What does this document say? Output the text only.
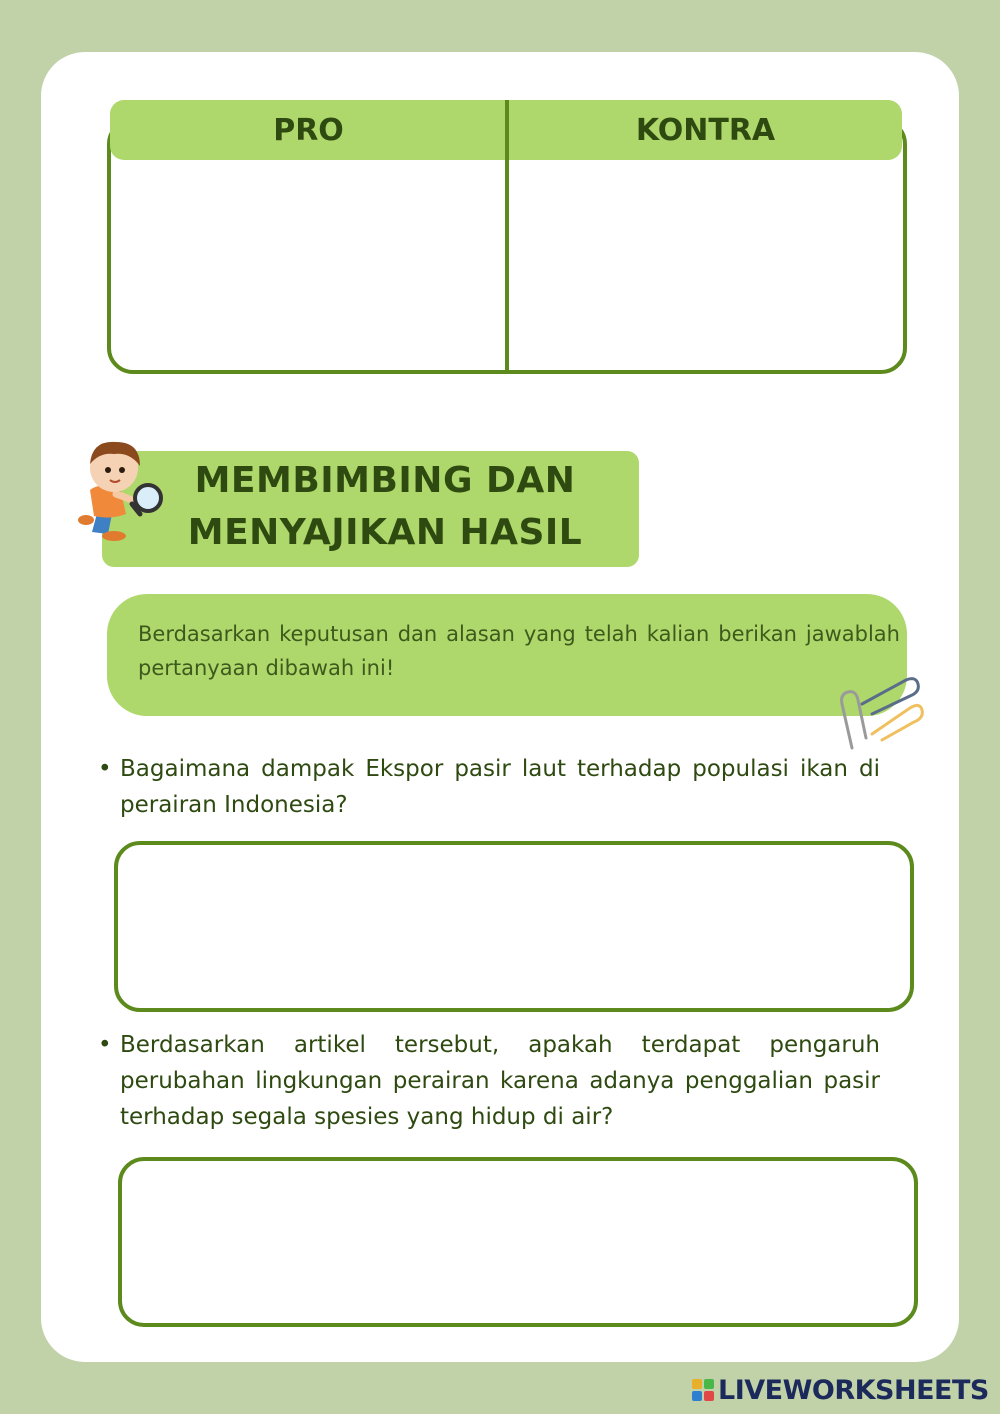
PRO	KONTRA
MEMBIMBING DAN
MENYAJIKAN HASIL
Berdasarkan keputusan dan alasan yang telah kalian berikan jawablah pertanyaan dibawah ini!
• Bagaimana dampak Ekspor pasir laut terhadap populasi ikan di perairan Indonesia?
• Berdasarkan artikel tersebut, apakah terdapat pengaruh perubahan lingkungan perairan karena adanya penggalian pasir terhadap segala spesies yang hidup di air?
LIVEWORKSHEETS
